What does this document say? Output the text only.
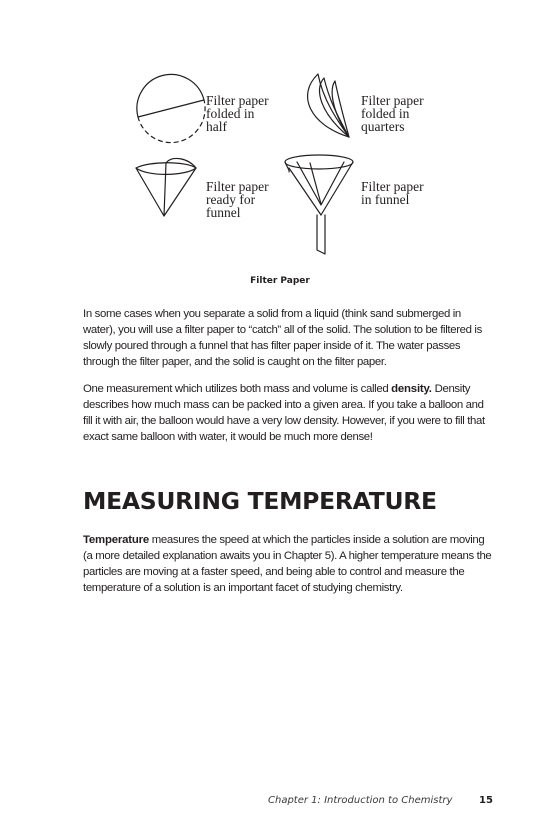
Filter paper
folded in
half
Filter paper
folded in
quarters
Filter paper
ready for
funnel
Filter paper
in funnel
Filter Paper

In some cases when you separate a solid from a liquid (think sand submerged in water), you will use a filter paper to “catch” all of the solid. The solution to be filtered is slowly poured through a funnel that has filter paper inside of it. The water passes through the filter paper, and the solid is caught on the filter paper.

One measurement which utilizes both mass and volume is called density. Density describes how much mass can be packed into a given area. If you take a balloon and fill it with air, the balloon would have a very low density. However, if you were to fill that exact same balloon with water, it would be much more dense!

MEASURING TEMPERATURE

Temperature measures the speed at which the particles inside a solution are moving (a more detailed explanation awaits you in Chapter 5). A higher temperature means the particles are moving at a faster speed, and being able to control and measure the temperature of a solution is an important facet of studying chemistry.

Chapter 1: Introduction to Chemistry	15
